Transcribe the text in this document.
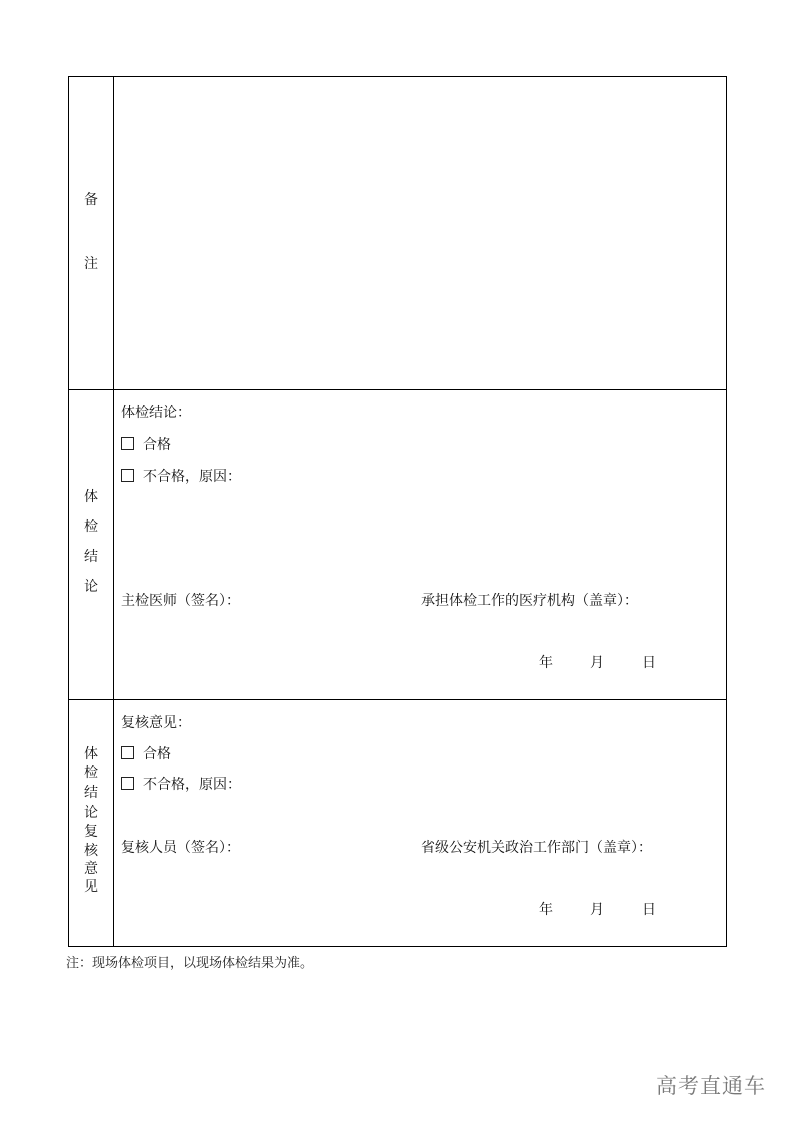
备
注
体
检
结
论
体检结论：
合格
不合格，原因：
主检医师（签名）：	承担体检工作的医疗机构（盖章）：
年	月	日
体
检
结
论
复
核
意
见
复核意见：
合格
不合格，原因：
复核人员（签名）：	省级公安机关政治工作部门（盖章）：
年	月	日
注：现场体检项目，以现场体检结果为准。
高考直通车
